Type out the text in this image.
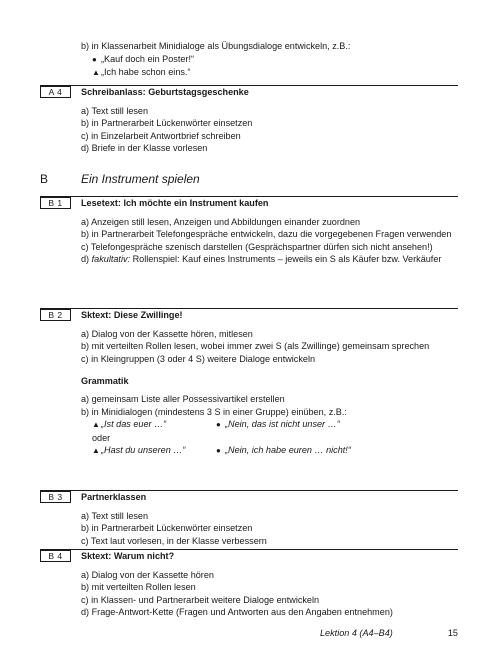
b) in Klassenarbeit Minidialoge als Übungsdialoge entwickeln, z.B.:
● „Kauf doch ein Poster!“
▲„Ich habe schon eins.“
A 4	Schreibanlass: Geburtstagsgeschenke
a) Text still lesen
b) in Partnerarbeit Lückenwörter einsetzen
c) in Einzelarbeit Antwortbrief schreiben
d) Briefe in der Klasse vorlesen
B	Ein Instrument spielen
B 1	Lesetext: Ich möchte ein Instrument kaufen
a) Anzeigen still lesen, Anzeigen und Abbildungen einander zuordnen
b) in Partnerarbeit Telefongespräche entwickeln, dazu die vorgegebenen Fragen verwenden
c) Telefongespräche szenisch darstellen (Gesprächspartner dürfen sich nicht ansehen!)
d) fakultativ: Rollenspiel: Kauf eines Instruments – jeweils ein S als Käufer bzw. Verkäufer
B 2	Sktext: Diese Zwillinge!
a) Dialog von der Kassette hören, mitlesen
b) mit verteilten Rollen lesen, wobei immer zwei S (als Zwillinge) gemeinsam sprechen
c) in Kleingruppen (3 oder 4 S) weitere Dialoge entwickeln
Grammatik
a) gemeinsam Liste aller Possessivartikel erstellen
b) in Minidialogen (mindestens 3 S in einer Gruppe) einüben, z.B.:
▲„Ist das euer …“	● „Nein, das ist nicht unser …“
oder
▲„Hast du unseren …“	● „Nein, ich habe euren … nicht!“
B 3	Partnerklassen
a) Text still lesen
b) in Partnerarbeit Lückenwörter einsetzen
c) Text laut vorlesen, in der Klasse verbessern
B 4	Sktext: Warum nicht?
a) Dialog von der Kassette hören
b) mit verteilten Rollen lesen
c) in Klassen- und Partnerarbeit weitere Dialoge entwickeln
d) Frage-Antwort-Kette (Fragen und Antworten aus den Angaben entnehmen)
Lektion 4 (A4–B4)	15
